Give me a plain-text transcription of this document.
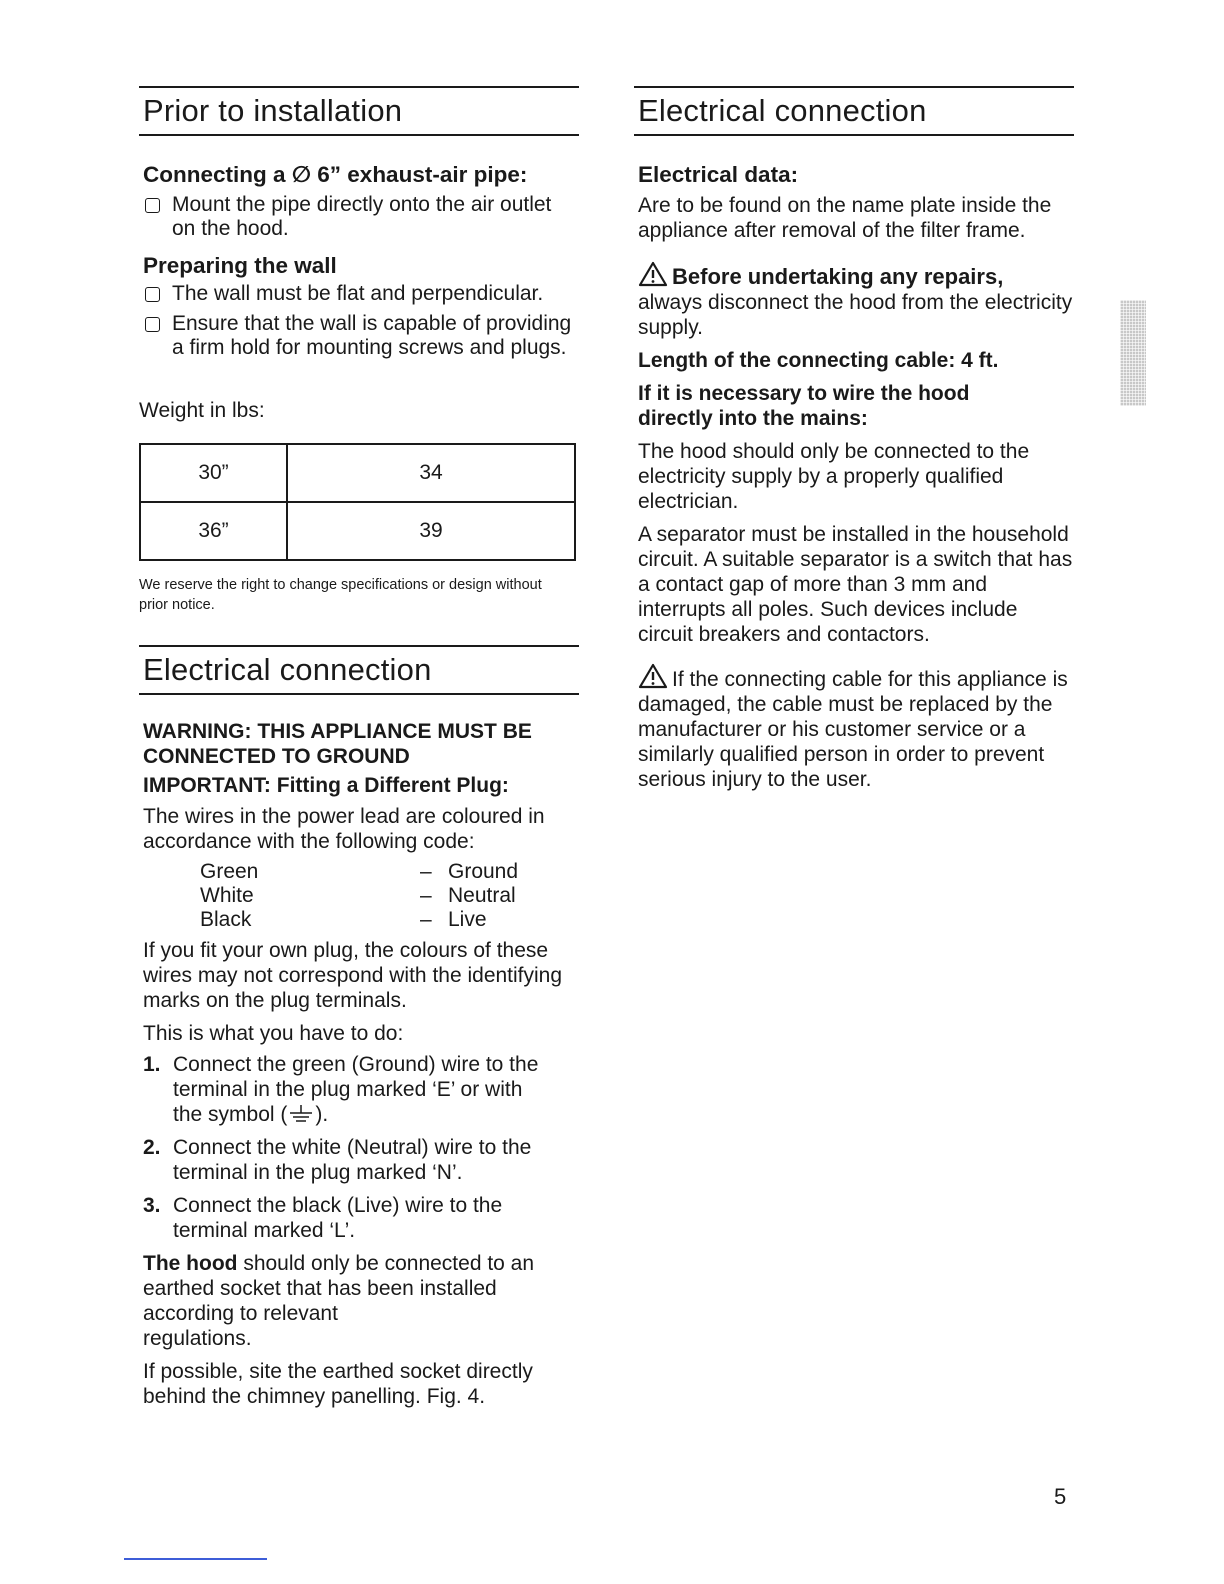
Prior to installation

Connecting a ∅ 6” exhaust-air pipe:

Mount the pipe directly onto the air outlet on the hood.

Preparing the wall

The wall must be flat and perpendicular.
Ensure that the wall is capable of providing a firm hold for mounting screws and plugs.

Weight in lbs:

30”	34
36”	39

We reserve the right to change specifications or design without prior notice.

Electrical connection

WARNING: THIS APPLIANCE MUST BE CONNECTED TO GROUND

IMPORTANT: Fitting a Different Plug:

The wires in the power lead are coloured in accordance with the following code:

Green	– Ground
White	– Neutral
Black	– Live

If you fit your own plug, the colours of these wires may not correspond with the identifying marks on the plug terminals.

This is what you have to do:

1. Connect the green (Ground) wire to the
terminal in the plug marked ‘E’ or with
the symbol ( ).
2. Connect the white (Neutral) wire to the terminal in the plug marked ‘N’.
3. Connect the black (Live) wire to the terminal marked ‘L’.

The hood should only be connected to an earthed socket that has been installed according to relevant
regulations.

If possible, site the earthed socket directly behind the chimney panelling. Fig. 4.

Electrical connection

Electrical data:

Are to be found on the name plate inside the appliance after removal of the filter frame.

Before undertaking any repairs,
always disconnect the hood from the electricity supply.

Length of the connecting cable: 4 ft.

If it is necessary to wire the hood directly into the mains:

The hood should only be connected to the electricity supply by a properly qualified electrician.

A separator must be installed in the household circuit. A suitable separator is a switch that has a contact gap of more than 3 mm and interrupts all poles. Such devices include circuit breakers and contactors.

If the connecting cable for this appliance is damaged, the cable must be replaced by the manufacturer or his customer service or a similarly qualified person in order to prevent serious injury to the user.

5
